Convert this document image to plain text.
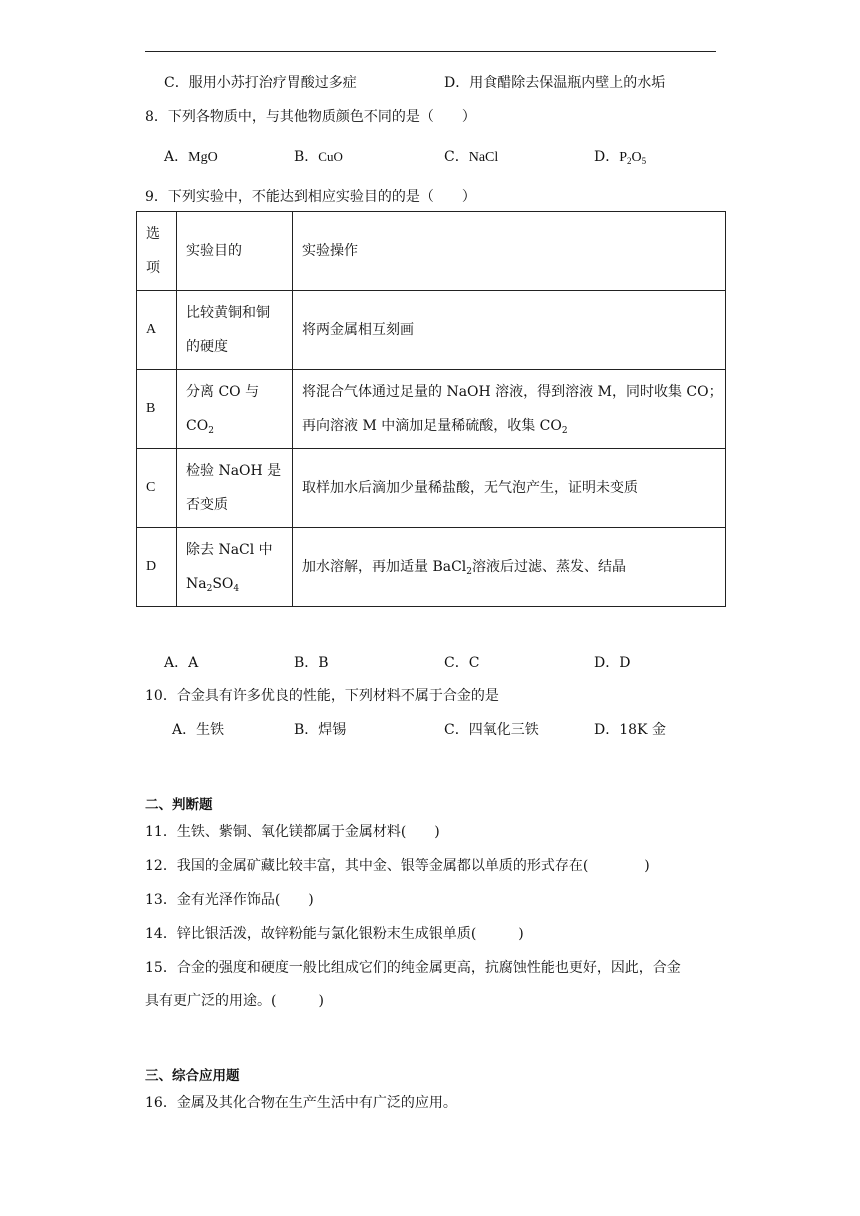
C．服用小苏打治疗胃酸过多症	D．用食醋除去保温瓶内壁上的水垢
8．下列各物质中，与其他物质颜色不同的是（　　）
A．MgO	B．CuO	C．NaCl	D．$P_2O_5$
9．下列实验中，不能达到相应实验目的的是（　　）
选
项	实验目的	实验操作
A	比较黄铜和铜
的硬度	将两金属相互刻画
B	分离 CO 与
$CO_2$	将混合气体通过足量的 NaOH 溶液，得到溶液 M，同时收集 CO；
再向溶液 M 中滴加足量稀硫酸，收集 $CO_2$
C	检验 NaOH 是
否变质	取样加水后滴加少量稀盐酸，无气泡产生，证明未变质
D	除去 NaCl 中
$Na_2SO_4$	加水溶解，再加适量 BaCl$_2$溶液后过滤、蒸发、结晶
A．A	B．B	C．C	D．D
10．合金具有许多优良的性能，下列材料不属于合金的是
A．生铁	B．焊锡	C．四氧化三铁	D．18K 金
二、判断题
11．生铁、紫铜、氧化镁都属于金属材料(　　)
12．我国的金属矿藏比较丰富，其中金、银等金属都以单质的形式存在(　　　　)
13．金有光泽作饰品(　　)
14．锌比银活泼，故锌粉能与氯化银粉末生成银单质(　　　)
15．合金的强度和硬度一般比组成它们的纯金属更高，抗腐蚀性能也更好，因此，合金
具有更广泛的用途。(　　　)
三、综合应用题
16．金属及其化合物在生产生活中有广泛的应用。
